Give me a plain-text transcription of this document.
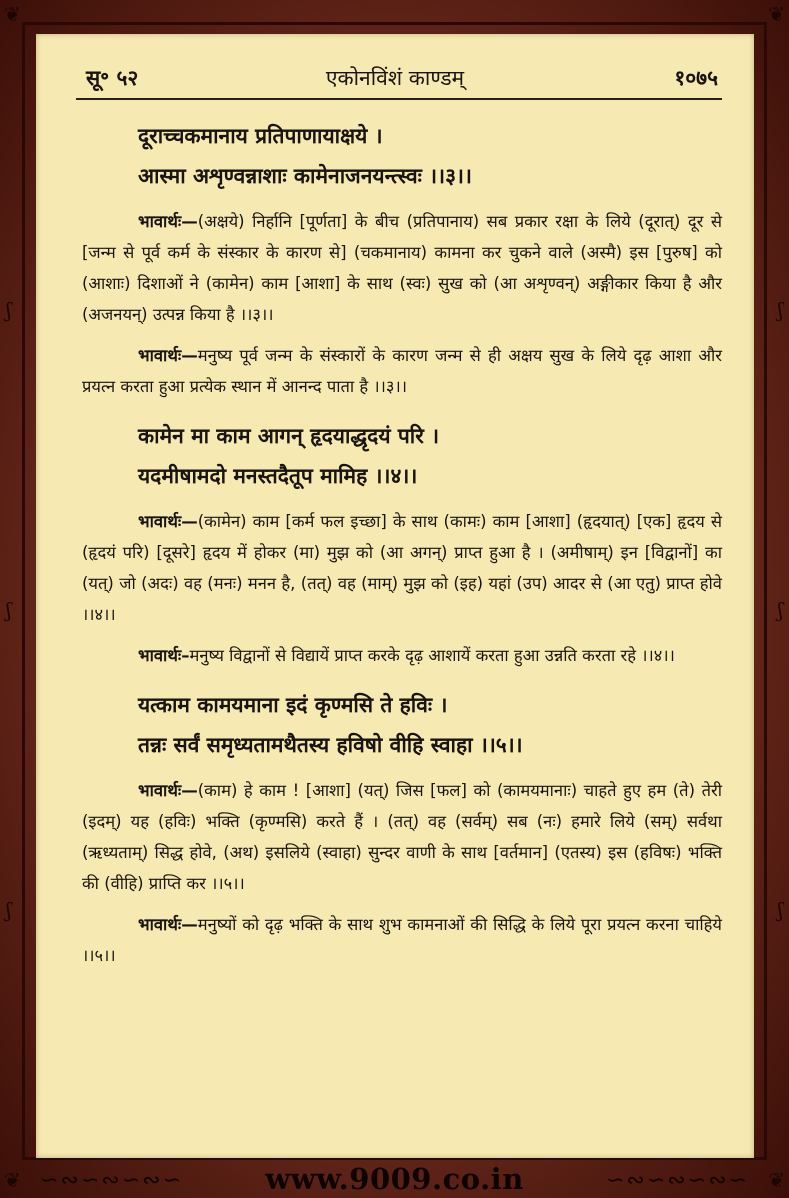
❦	❦
❦	❦
ʃ
ʃ
ʃ
ʃ
ʃ
ʃ
सू॰ ५२	एकोनविंशं काण्डम्	१०७५
दूराच्चकमानाय प्रतिपाणायाक्षये ।
आस्मा अशृण्वन्नाशाः कामेनाजनयन्त्स्वः ।।३।।
भावार्थः—(अक्षये) निर्हानि [पूर्णता] के बीच (प्रतिपानाय) सब प्रकार रक्षा के लिये (दूरात्) दूर से [जन्म से पूर्व कर्म के संस्कार के कारण से] (चकमानाय) कामना कर चुकने वाले (अस्मै) इस [पुरुष] को (आशाः) दिशाओं ने (कामेन) काम [आशा] के साथ (स्वः) सुख को (आ अशृण्वन्) अङ्गीकार किया है और (अजनयन्) उत्पन्न किया है ।।३।।
भावार्थः—मनुष्य पूर्व जन्म के संस्कारों के कारण जन्म से ही अक्षय सुख के लिये दृढ़ आशा और प्रयत्न करता हुआ प्रत्येक स्थान में आनन्द पाता है ।।३।।
कामेन मा काम आगन् हृदयाद्धृदयं परि ।
यदमीषामदो मनस्तदैतूप मामिह ।।४।।
भावार्थः—(कामेन) काम [कर्म फल इच्छा] के साथ (कामः) काम [आशा] (हृदयात्) [एक] हृदय से (हृदयं परि) [दूसरे] हृदय में होकर (मा) मुझ को (आ अगन्) प्राप्त हुआ है । (अमीषाम्) इन [विद्वानों] का (यत्) जो (अदः) वह (मनः) मनन है, (तत्) वह (माम्) मुझ को (इह) यहां (उप) आदर से (आ एतु) प्राप्त होवे ।।४।।
भावार्थः–मनुष्य विद्वानों से विद्यायें प्राप्त करके दृढ़ आशायें करता हुआ उन्नति करता रहे ।।४।।
यत्काम कामयमाना इदं कृण्मसि ते हविः ।
तन्नः सर्वं समृध्यतामथैतस्य हविषो वीहि स्वाहा ।।५।।
भावार्थः—(काम) हे काम ! [आशा] (यत्) जिस [फल] को (कामयमानाः) चाहते हुए हम (ते) तेरी (इदम्) यह (हविः) भक्ति (कृण्मसि) करते हैं । (तत्) वह (सर्वम्) सब (नः) हमारे लिये (सम्) सर्वथा (ऋध्यताम्) सिद्ध होवे, (अथ) इसलिये (स्वाहा) सुन्दर वाणी के साथ [वर्तमान] (एतस्य) इस (हविषः) भक्ति की (वीहि) प्राप्ति कर ।।५।।
भावार्थः—मनुष्यों को दृढ़ भक्ति के साथ शुभ कामनाओं की सिद्धि के लिये पूरा प्रयत्न करना चाहिये ।।५।।
∽∾∽∾∽∾∽	www.9009.co.in	∽∾∽∾∽∾∽
